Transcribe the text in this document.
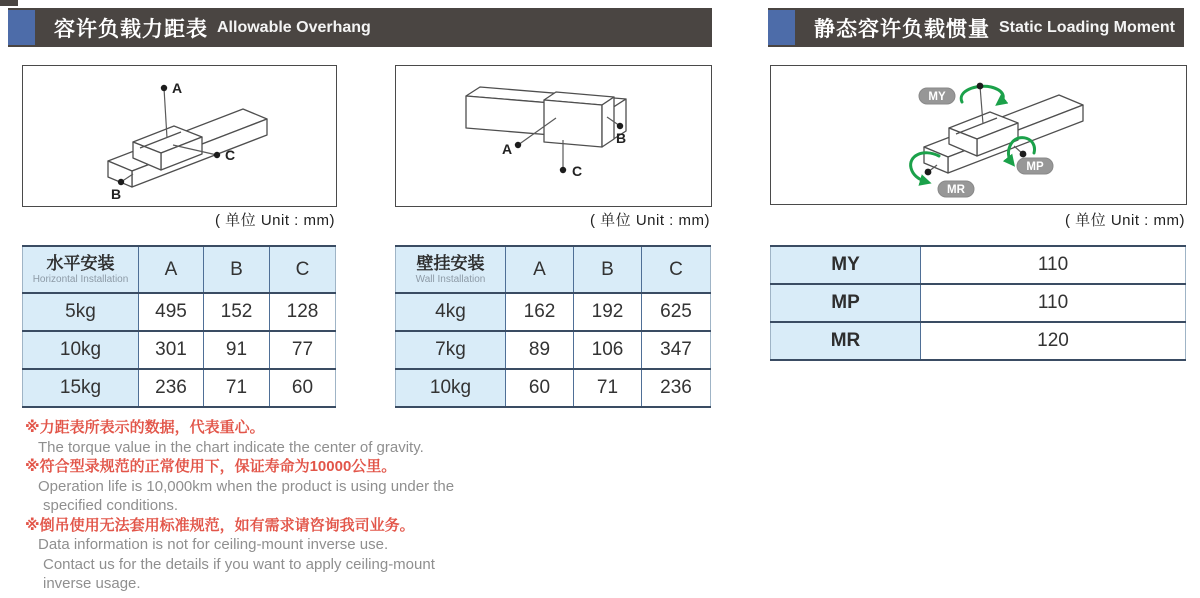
容许负载力距表 Allowable Overhang	静态容许负载惯量 Static Loading Moment
A
B
C
( 单位 Unit : mm)
A
B
C
( 单位 Unit : mm)
MY
MP
MR
( 单位 Unit : mm)
水平安装
Horizontal Installation	A	B	C
5kg	495	152	128
10kg	301	91	77
15kg	236	71	60
壁挂安装
Wall Installation	A	B	C
4kg	162	192	625
7kg	89	106	347
10kg	60	71	236
MY	110
MP	110
MR	120
※力距表所表示的数据，代表重心。
The torque value in the chart indicate the center of gravity.
※符合型录规范的正常使用下，保证寿命为10000公里。
Operation life is 10,000km when the product is using under the
specified conditions.
※倒吊使用无法套用标准规范，如有需求请咨询我司业务。
Data information is not for ceiling-mount inverse use.
Contact us for the details if you want to apply ceiling-mount
inverse usage.
